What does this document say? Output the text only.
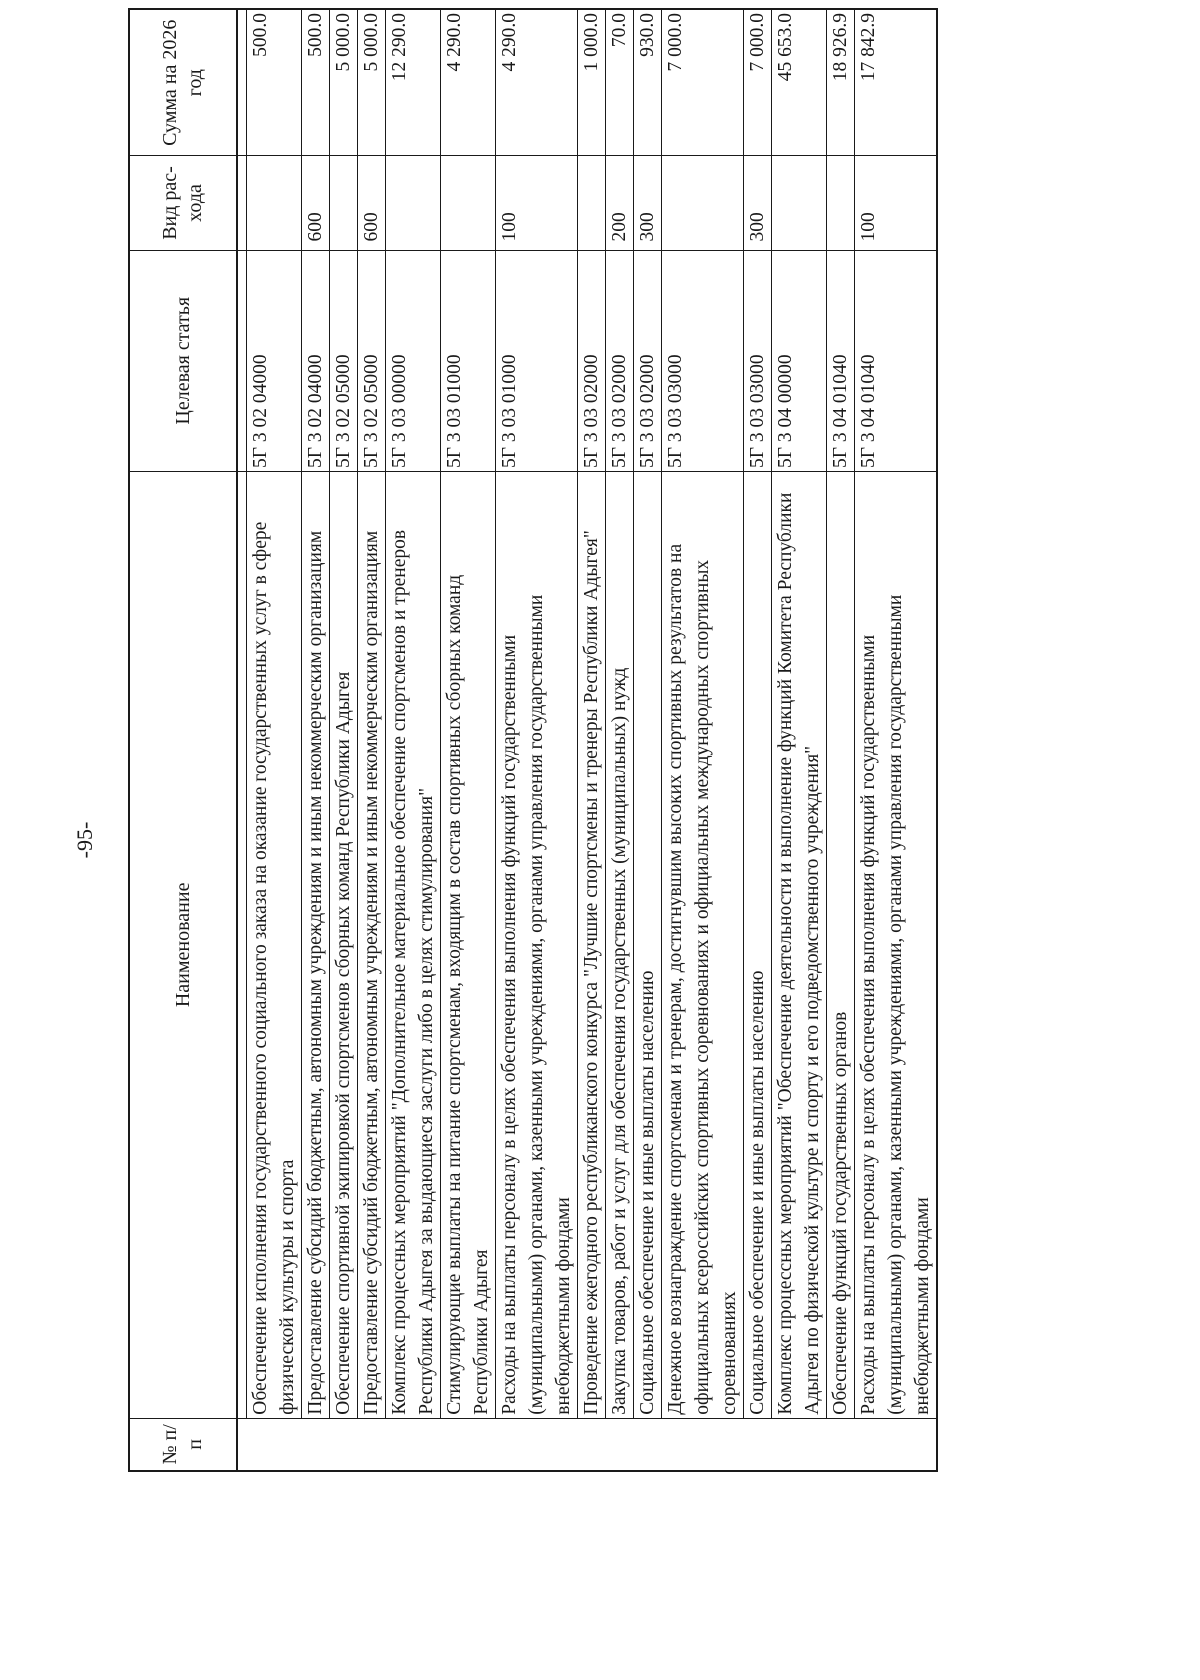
-95-
№ п/п	Наименование	Целевая статья	Вид рас- хода	Сумма на 2026 год

	Обеспечение исполнения государственного социального заказа на оказание государственных услуг в сфере физической культуры и спорта	5Г 3 02 04000		500.0
	Предоставление субсидий бюджетным, автономным учреждениям и иным некоммерческим организациям	5Г 3 02 04000	600	500.0
	Обеспечение спортивной экипировкой спортсменов сборных команд Республики Адыгея	5Г 3 02 05000		5 000.0
	Предоставление субсидий бюджетным, автономным учреждениям и иным некоммерческим организациям	5Г 3 02 05000	600	5 000.0
	Комплекс процессных мероприятий "Дополнительное материальное обеспечение спортсменов и тренеров Республики Адыгея за выдающиеся заслуги либо в целях стимулирования"	5Г 3 03 00000		12 290.0
	Стимулирующие выплаты на питание спортсменам, входящим в состав спортивных сборных команд Республики Адыгея	5Г 3 03 01000		4 290.0
	Расходы на выплаты персоналу в целях обеспечения выполнения функций государственными (муниципальными) органами, казенными учреждениями, органами управления государственными внебюджетными фондами	5Г 3 03 01000	100	4 290.0
	Проведение ежегодного республиканского конкурса "Лучшие спортсмены и тренеры Республики Адыгея"	5Г 3 03 02000		1 000.0
	Закупка товаров, работ и услуг для обеспечения государственных (муниципальных) нужд	5Г 3 03 02000	200	70.0
	Социальное обеспечение и иные выплаты населению	5Г 3 03 02000	300	930.0
	Денежное вознаграждение спортсменам и тренерам, достигнувшим высоких спортивных результатов на официальных всероссийских спортивных соревнованиях и официальных международных спортивных соревнованиях	5Г 3 03 03000		7 000.0
	Социальное обеспечение и иные выплаты населению	5Г 3 03 03000	300	7 000.0
	Комплекс процессных мероприятий "Обеспечение деятельности и выполнение функций Комитета Республики Адыгея по физической культуре и спорту и его подведомственного учреждения"	5Г 3 04 00000		45 653.0
	Обеспечение функций государственных органов	5Г 3 04 01040		18 926.9
	Расходы на выплаты персоналу в целях обеспечения выполнения функций государственными (муниципальными) органами, казенными учреждениями, органами управления государственными внебюджетными фондами	5Г 3 04 01040	100	17 842.9
